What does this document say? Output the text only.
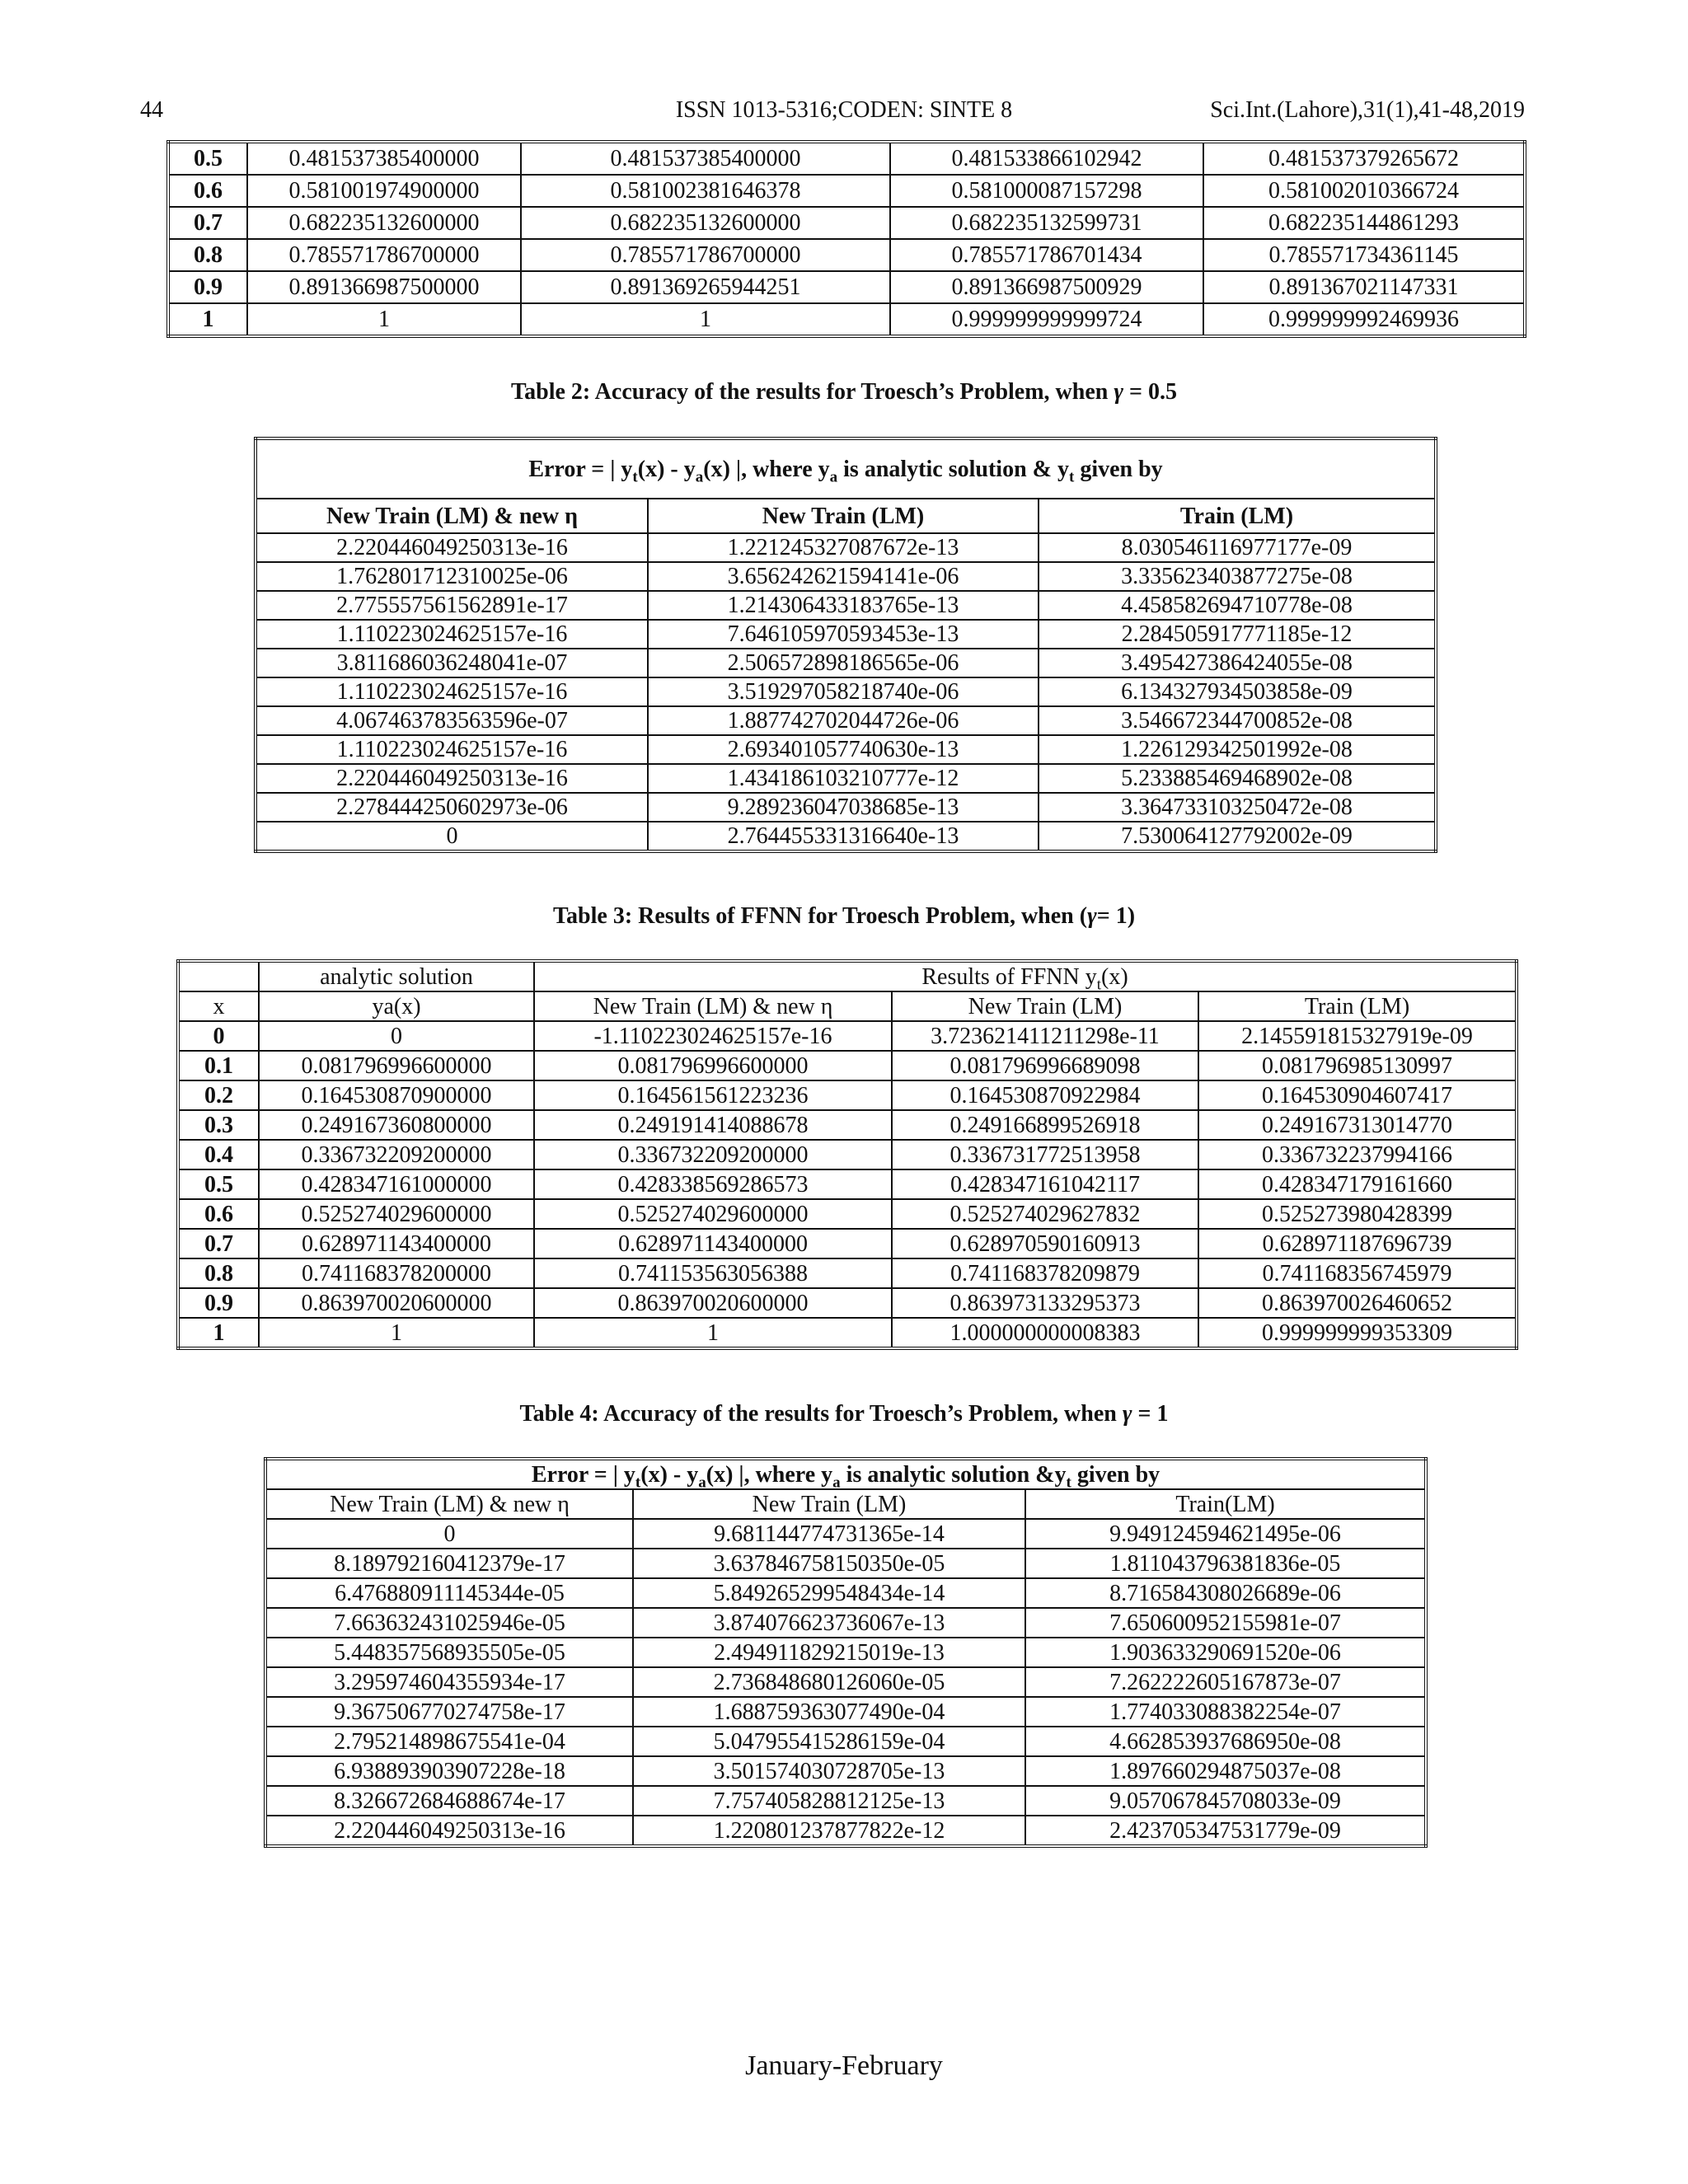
44	ISSN 1013-5316;CODEN: SINTE 8	Sci.Int.(Lahore),31(1),41-48,2019
0.5	0.481537385400000	0.481537385400000	0.481533866102942	0.481537379265672
0.6	0.581001974900000	0.581002381646378	0.581000087157298	0.581002010366724
0.7	0.682235132600000	0.682235132600000	0.682235132599731	0.682235144861293
0.8	0.785571786700000	0.785571786700000	0.785571786701434	0.785571734361145
0.9	0.891366987500000	0.891369265944251	0.891366987500929	0.891367021147331
1	1	1	0.999999999999724	0.999999992469936
Table 2: Accuracy of the results for Troesch’s Problem, when γ = 0.5
Error = | $y_t(x) - y_a(x)$ |, where $y_a$ is analytic solution & $y_t$ given by		
New Train (LM) & new η	New Train (LM)	Train (LM)
2.220446049250313e-16	1.221245327087672e-13	8.030546116977177e-09
1.762801712310025e-06	3.656242621594141e-06	3.335623403877275e-08
2.775557561562891e-17	1.214306433183765e-13	4.458582694710778e-08
1.110223024625157e-16	7.646105970593453e-13	2.284505917771185e-12
3.811686036248041e-07	2.506572898186565e-06	3.495427386424055e-08
1.110223024625157e-16	3.519297058218740e-06	6.134327934503858e-09
4.067463783563596e-07	1.887742702044726e-06	3.546672344700852e-08
1.110223024625157e-16	2.693401057740630e-13	1.226129342501992e-08
2.220446049250313e-16	1.434186103210777e-12	5.233885469468902e-08
2.278444250602973e-06	9.289236047038685e-13	3.364733103250472e-08
0	2.764455331316640e-13	7.530064127792002e-09
Table 3: Results of FFNN for Troesch Problem, when (γ= 1)
	analytic solution	Results of FFNN $y_t(x)$		
x	ya(x)	New Train (LM) & new η	New Train (LM)	Train (LM)
0	0	-1.110223024625157e-16	3.723621411211298e-11	2.145591815327919e-09
0.1	0.081796996600000	0.081796996600000	0.081796996689098	0.081796985130997
0.2	0.164530870900000	0.164561561223236	0.164530870922984	0.164530904607417
0.3	0.249167360800000	0.249191414088678	0.249166899526918	0.249167313014770
0.4	0.336732209200000	0.336732209200000	0.336731772513958	0.336732237994166
0.5	0.428347161000000	0.428338569286573	0.428347161042117	0.428347179161660
0.6	0.525274029600000	0.525274029600000	0.525274029627832	0.525273980428399
0.7	0.628971143400000	0.628971143400000	0.628970590160913	0.628971187696739
0.8	0.741168378200000	0.741153563056388	0.741168378209879	0.741168356745979
0.9	0.863970020600000	0.863970020600000	0.863973133295373	0.863970026460652
1	1	1	1.000000000008383	0.999999999353309
Table 4: Accuracy of the results for Troesch’s Problem, when γ = 1
Error = | $y_t(x) - y_a(x)$ |, where $y_a$ is analytic solution $\&y_t$ given by		
New Train (LM) & new η	New Train (LM)	Train(LM)
0	9.681144774731365e-14	9.949124594621495e-06
8.189792160412379e-17	3.637846758150350e-05	1.811043796381836e-05
6.476880911145344e-05	5.849265299548434e-14	8.716584308026689e-06
7.663632431025946e-05	3.874076623736067e-13	7.650600952155981e-07
5.448357568935505e-05	2.494911829215019e-13	1.903633290691520e-06
3.295974604355934e-17	2.736848680126060e-05	7.262222605167873e-07
9.367506770274758e-17	1.688759363077490e-04	1.774033088382254e-07
2.795214898675541e-04	5.047955415286159e-04	4.662853937686950e-08
6.938893903907228e-18	3.501574030728705e-13	1.897660294875037e-08
8.326672684688674e-17	7.757405828812125e-13	9.057067845708033e-09
2.220446049250313e-16	1.220801237877822e-12	2.423705347531779e-09
January-February
